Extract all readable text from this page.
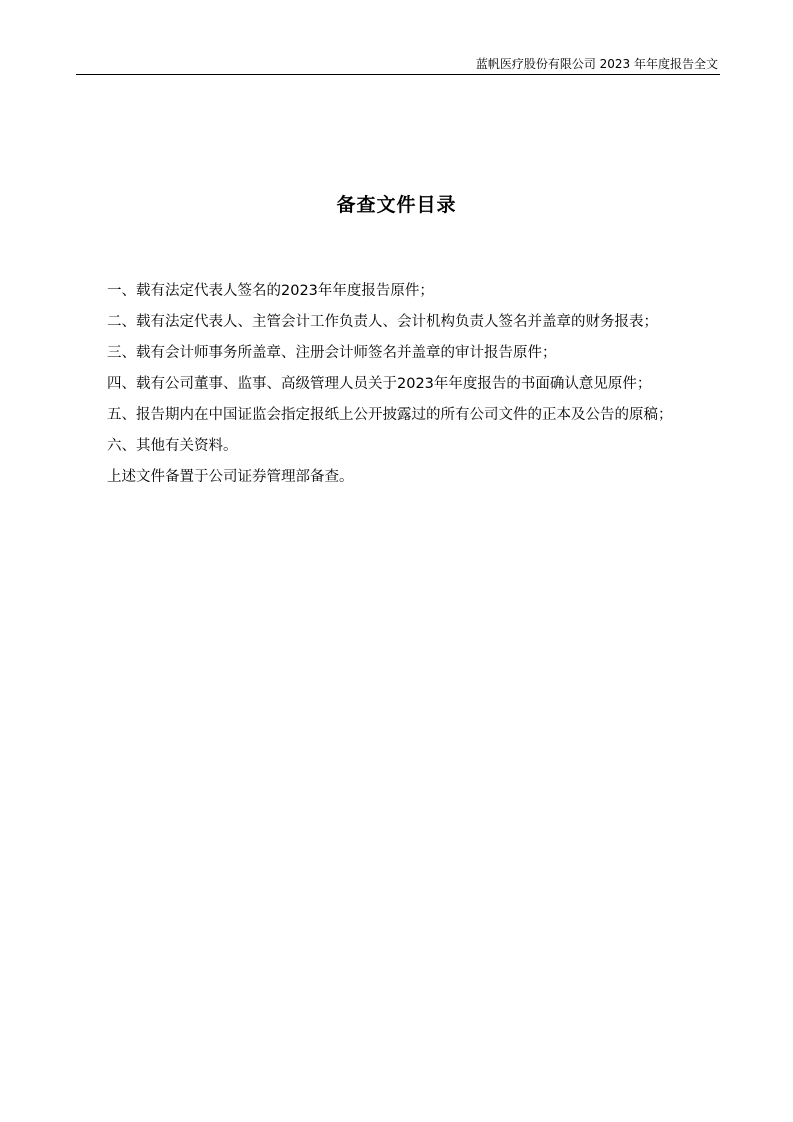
蓝帆医疗股份有限公司 2023 年年度报告全文
备查文件目录
一、载有法定代表人签名的2023年年度报告原件；
二、载有法定代表人、主管会计工作负责人、会计机构负责人签名并盖章的财务报表；
三、载有会计师事务所盖章、注册会计师签名并盖章的审计报告原件；
四、载有公司董事、监事、高级管理人员关于2023年年度报告的书面确认意见原件；
五、报告期内在中国证监会指定报纸上公开披露过的所有公司文件的正本及公告的原稿；
六、其他有关资料。
上述文件备置于公司证券管理部备查。
